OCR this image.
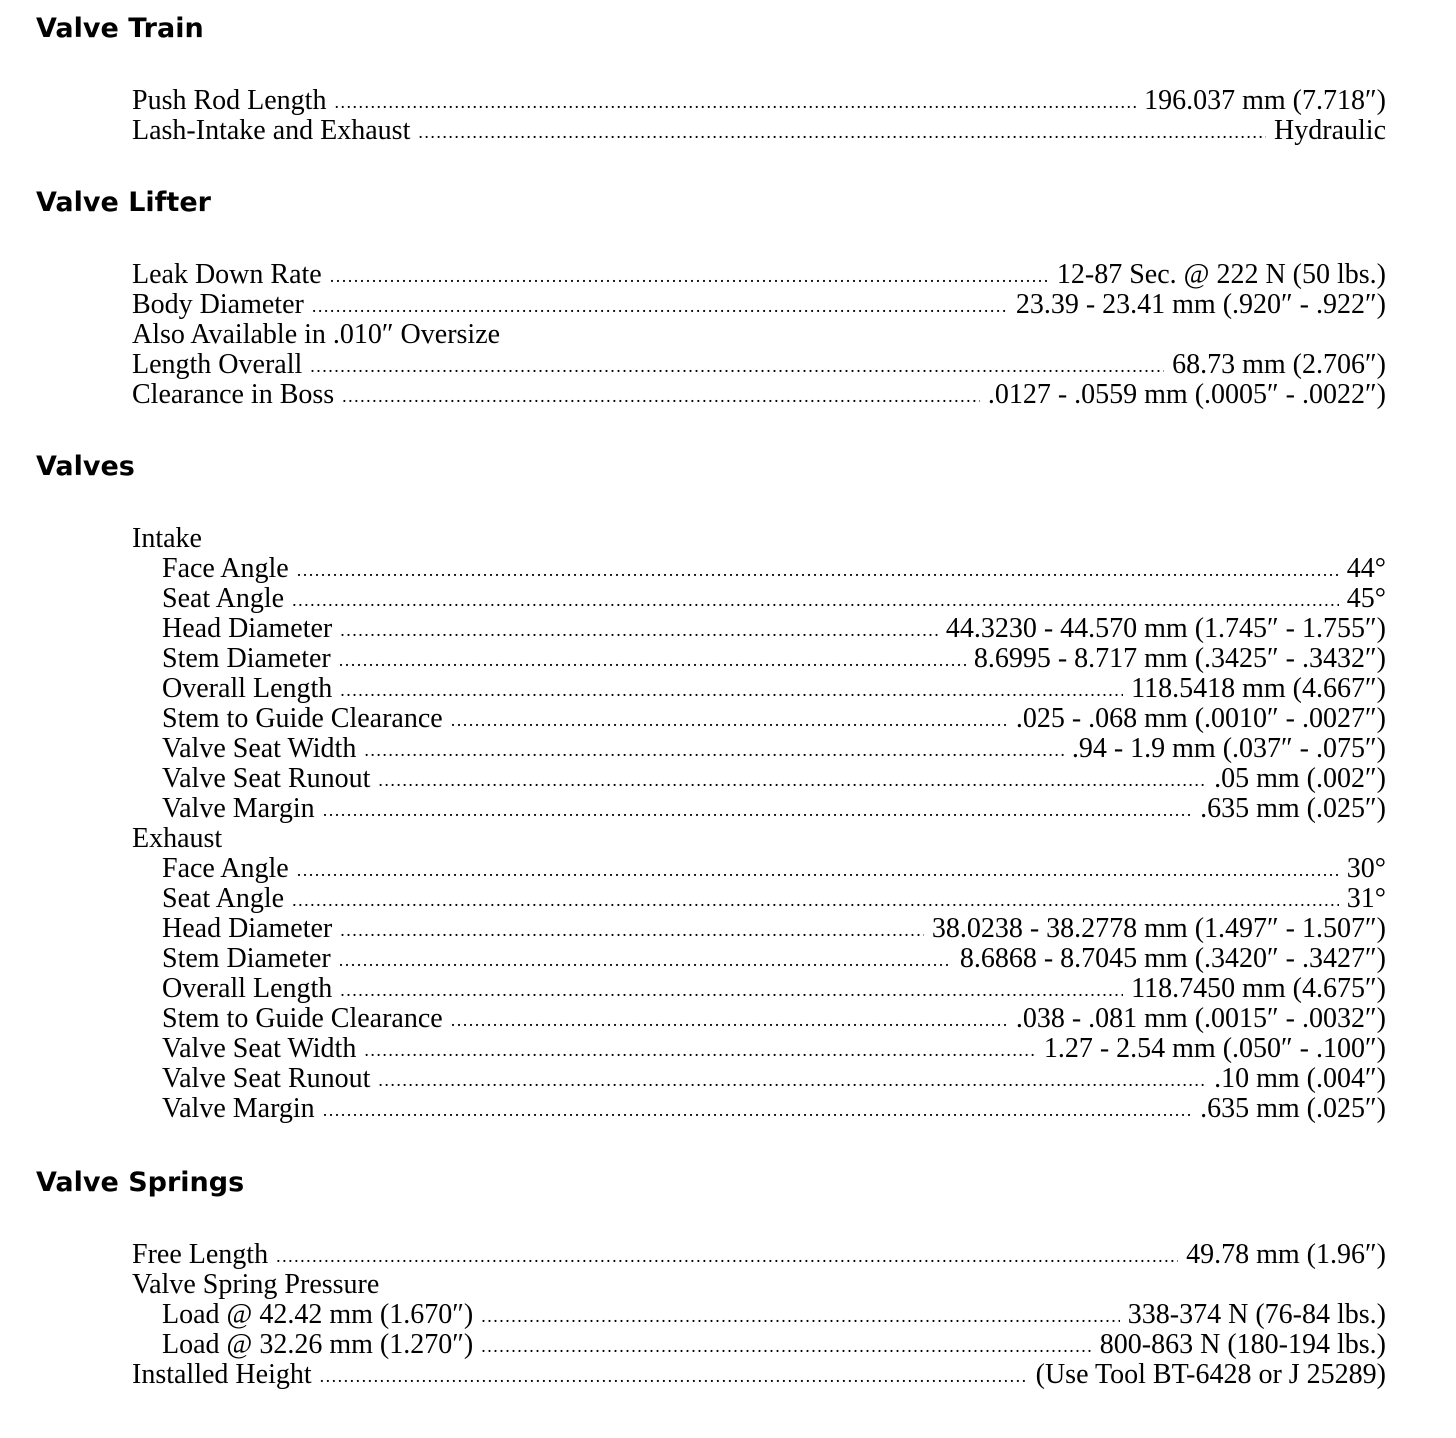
Valve Train
Push Rod Length .....	196.037 mm (7.718″)
Lash-Intake and Exhaust .....	Hydraulic
Valve Lifter
Leak Down Rate .....	12-87 Sec. @ 222 N (50 lbs.)
Body Diameter .....	23.39 - 23.41 mm (.920″ - .922″)
Also Available in .010″ Oversize
Length Overall .....	68.73 mm (2.706″)
Clearance in Boss .....	.0127 - .0559 mm (.0005″ - .0022″)
Valves
Intake
Face Angle .....	44°
Seat Angle .....	45°
Head Diameter .....	44.3230 - 44.570 mm (1.745″ - 1.755″)
Stem Diameter .....	8.6995 - 8.717 mm (.3425″ - .3432″)
Overall Length .....	118.5418 mm (4.667″)
Stem to Guide Clearance .....	.025 - .068 mm (.0010″ - .0027″)
Valve Seat Width .....	.94 - 1.9 mm (.037″ - .075″)
Valve Seat Runout .....	.05 mm (.002″)
Valve Margin .....	.635 mm (.025″)
Exhaust
Face Angle .....	30°
Seat Angle .....	31°
Head Diameter .....	38.0238 - 38.2778 mm (1.497″ - 1.507″)
Stem Diameter .....	8.6868 - 8.7045 mm (.3420″ - .3427″)
Overall Length .....	118.7450 mm (4.675″)
Stem to Guide Clearance .....	.038 - .081 mm (.0015″ - .0032″)
Valve Seat Width .....	1.27 - 2.54 mm (.050″ - .100″)
Valve Seat Runout .....	.10 mm (.004″)
Valve Margin .....	.635 mm (.025″)
Valve Springs
Free Length .....	49.78 mm (1.96″)
Valve Spring Pressure
Load @ 42.42 mm (1.670″) .....	338-374 N (76-84 lbs.)
Load @ 32.26 mm (1.270″) .....	800-863 N (180-194 lbs.)
Installed Height .....	(Use Tool BT-6428 or J 25289)
